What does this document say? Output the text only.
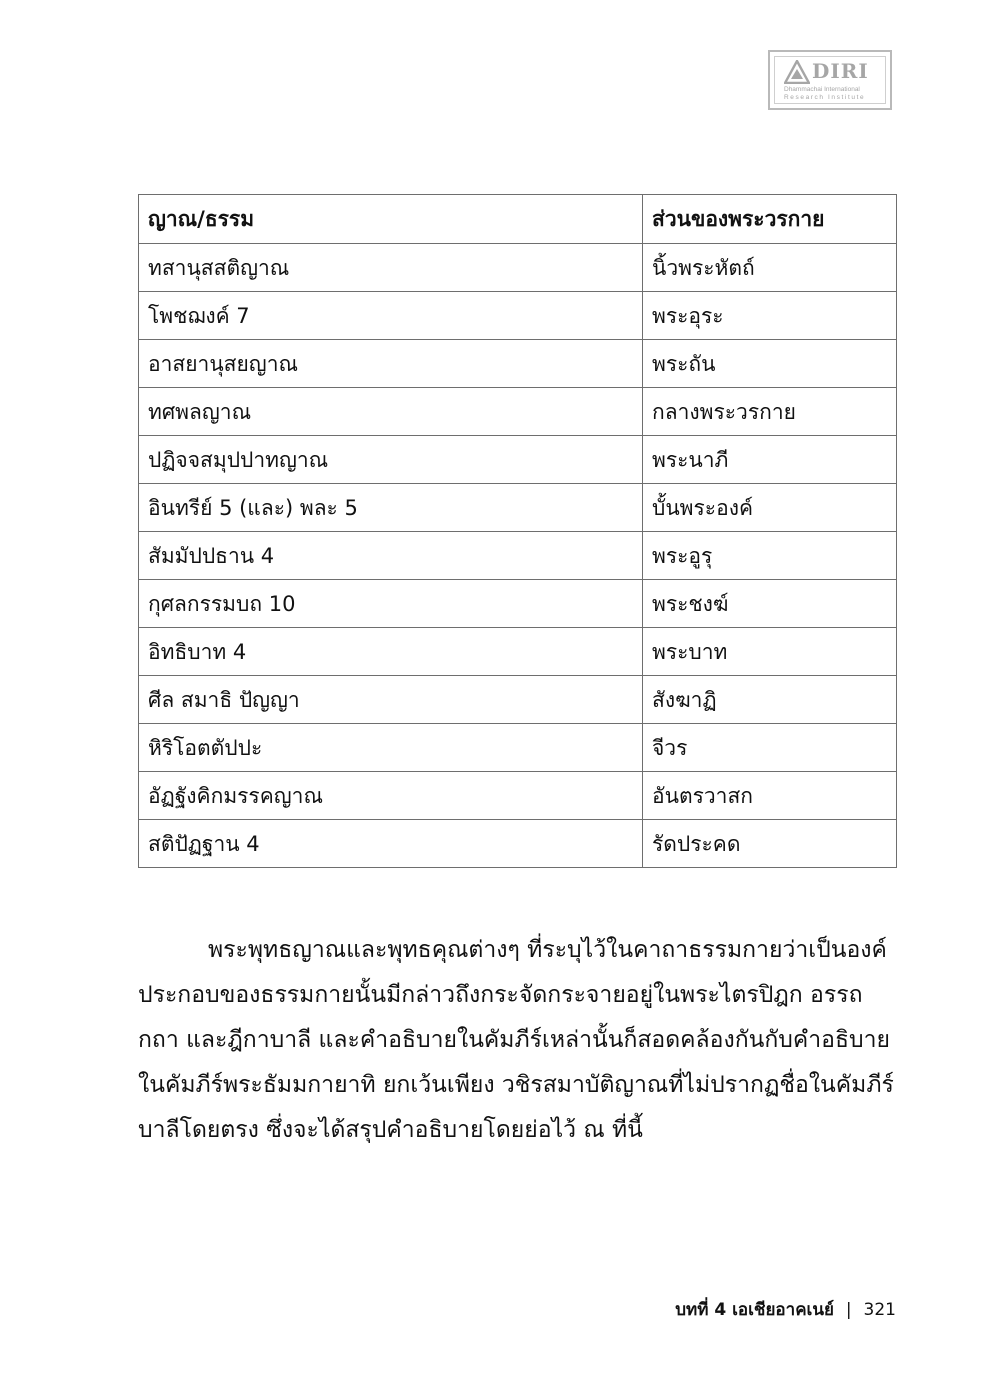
DIRI
Dhammachai International
Research Institute
ญาณ/ธรรม	ส่วนของพระวรกาย
ทสานุสสติญาณ	นิ้วพระหัตถ์
โพชฌงค์ 7	พระอุระ
อาสยานุสยญาณ	พระถัน
ทศพลญาณ	กลางพระวรกาย
ปฏิจจสมุปปาทญาณ	พระนาภี
อินทรีย์ 5 (และ) พละ 5	บั้นพระองค์
สัมมัปปธาน 4	พระอูรุ
กุศลกรรมบถ 10	พระชงฆ์
อิทธิบาท 4	พระบาท
ศีล สมาธิ ปัญญา	สังฆาฏิ
หิริโอตตัปปะ	จีวร
อัฏฐังคิกมรรคญาณ	อันตรวาสก
สติปัฏฐาน 4	รัดประคด
พระพุทธญาณและพุทธคุณต่างๆ ที่ระบุไว้ในคาถาธรรมกายว่าเป็นองค์
ประกอบของธรรมกายนั้นมีกล่าวถึงกระจัดกระจายอยู่ในพระไตรปิฎก อรรถ
กถา และฎีกาบาลี และคำอธิบายในคัมภีร์เหล่านั้นก็สอดคล้องกันกับคำอธิบาย
ในคัมภีร์พระธัมมกายาทิ ยกเว้นเพียง วชิรสมาบัติญาณที่ไม่ปรากฏชื่อในคัมภีร์
บาลีโดยตรง ซึ่งจะได้สรุปคำอธิบายโดยย่อไว้ ณ ที่นี้
บทที่ 4 เอเชียอาคเนย์ | 321
